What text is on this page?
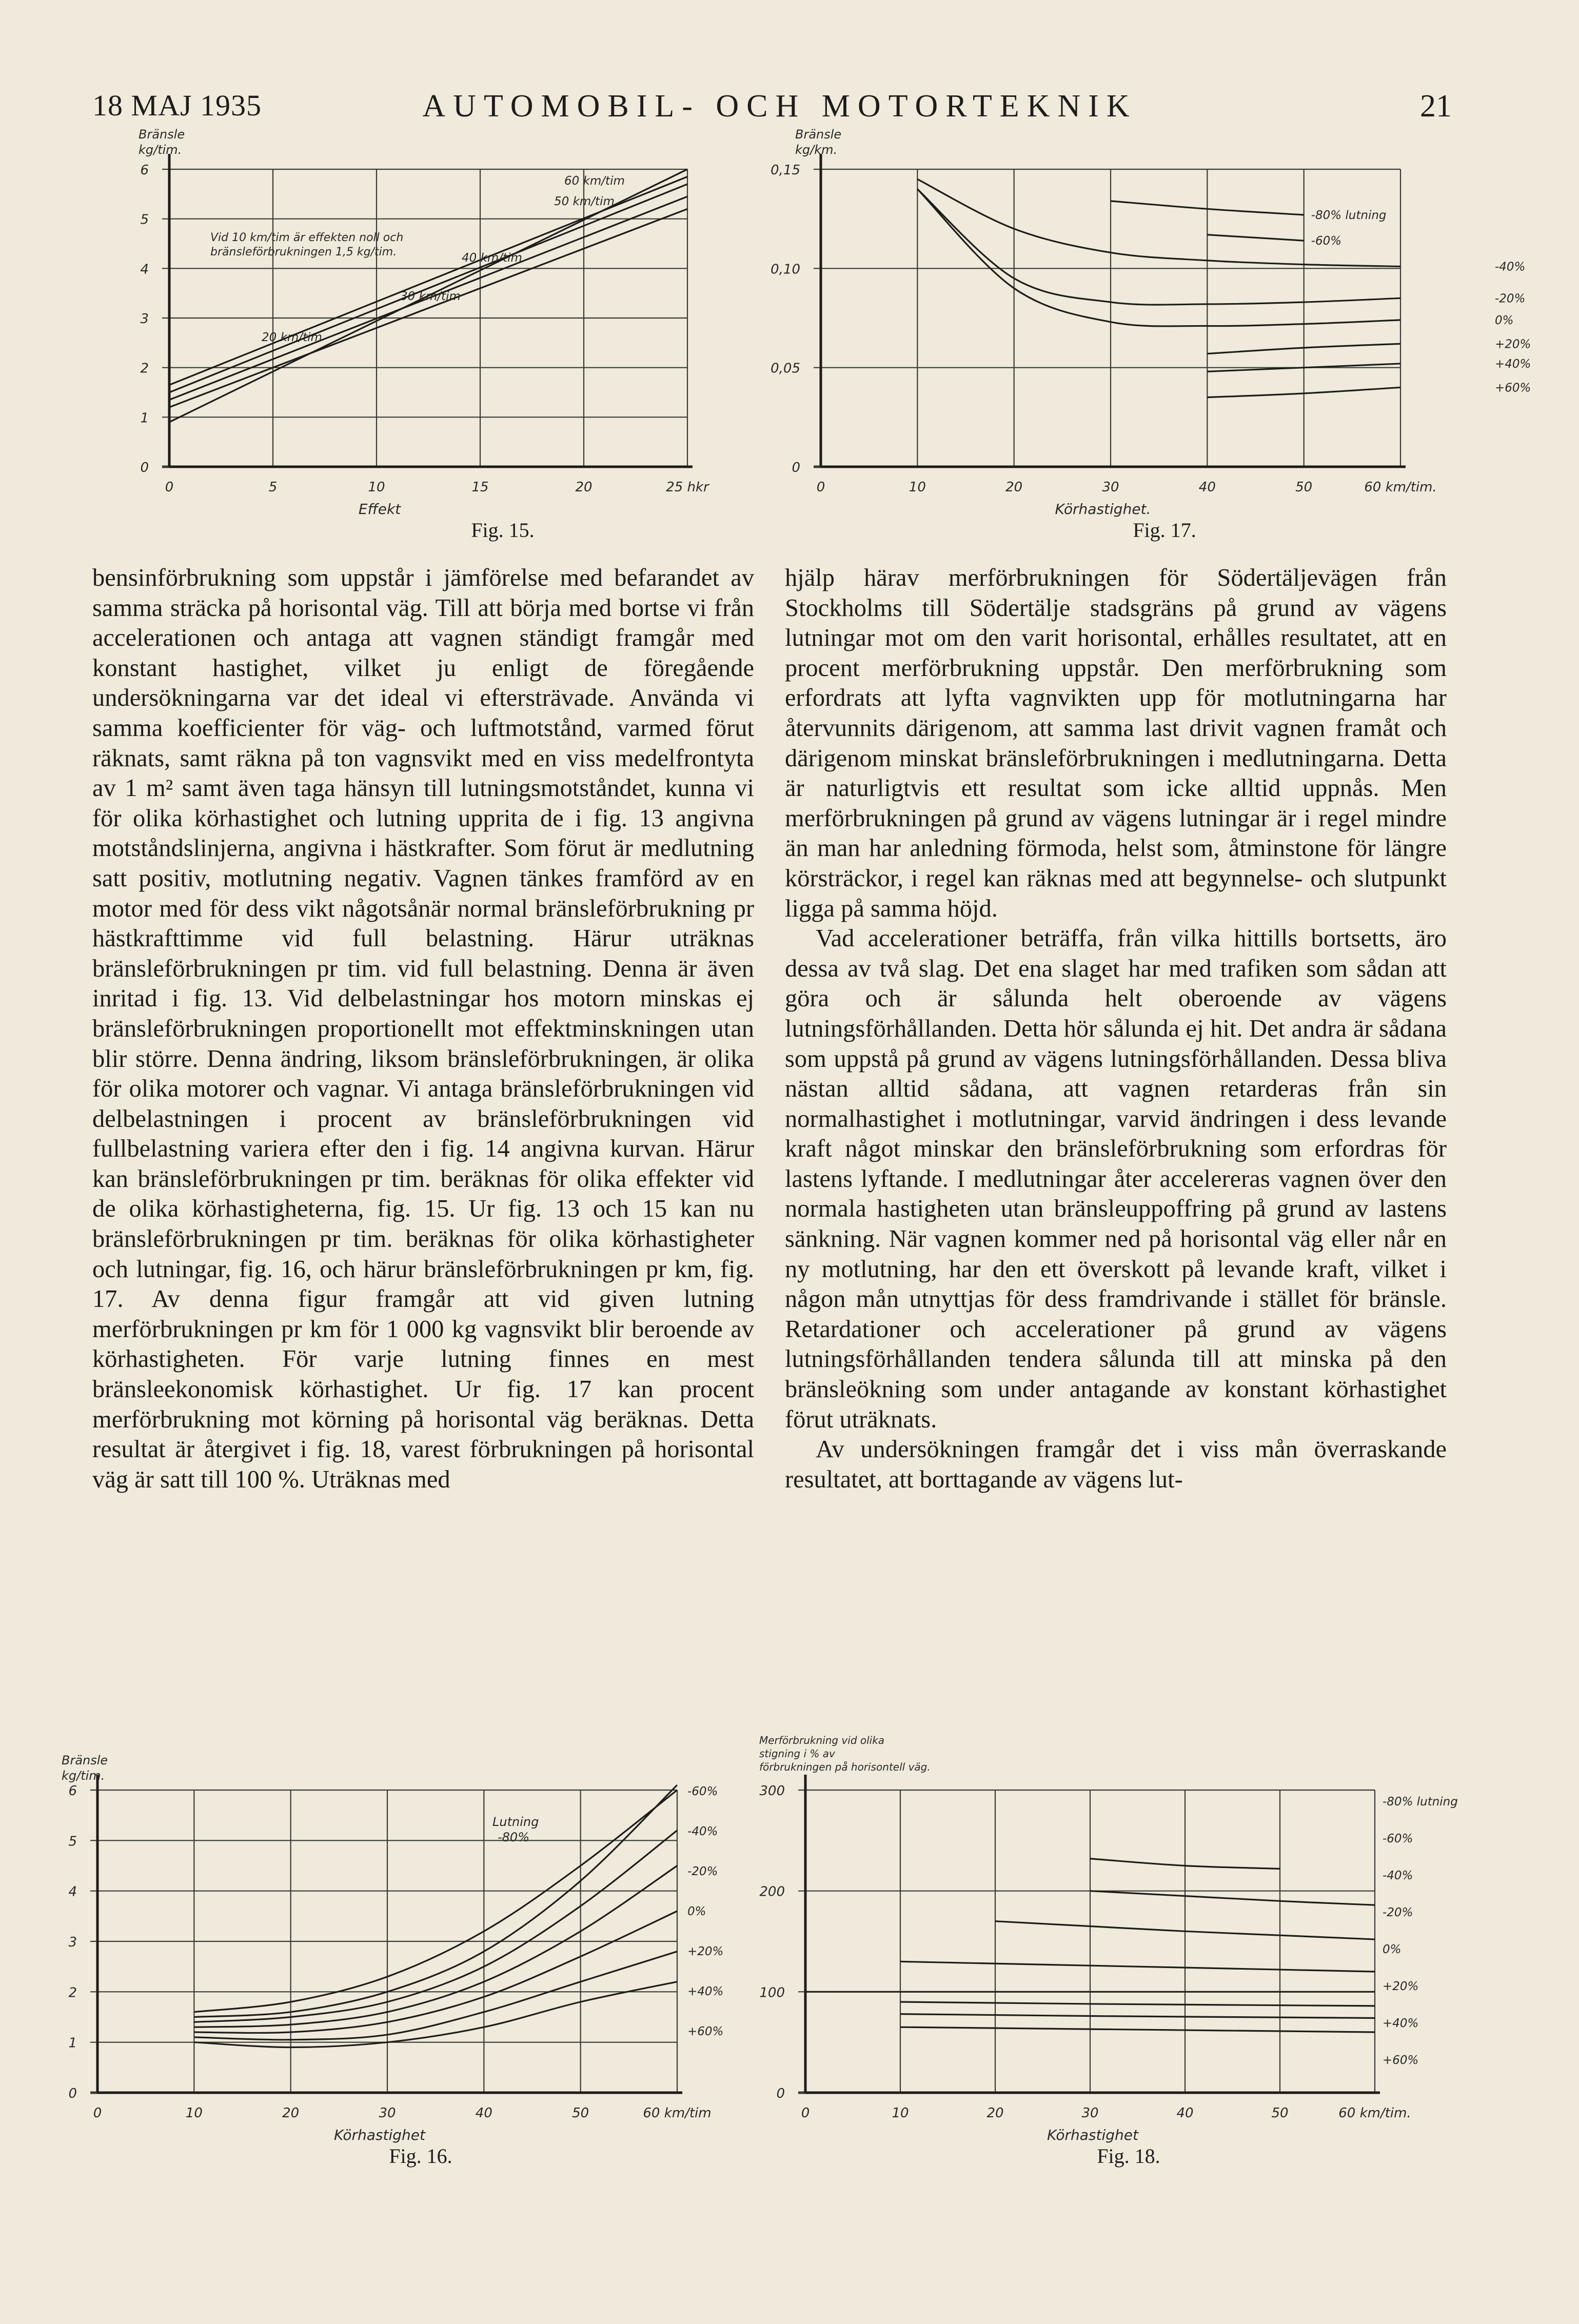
18 MAJ 1935	AUTOMOBIL- OCH MOTORTEKNIK	21
0	5	10	15	20	25 hkr
0
1
2
3
4
5
6
Bränsle
kg/tim.
Effekt
20 km/tim
30 km/tim
40 km/tim
50 km/tim
60 km/tim
Vid 10 km/tim är effekten noll och
bränsleförbrukningen 1,5 kg/tim.
Fig. 15.
0	10	20	30	40	50	60 km/tim.
0
0,05
0,10
0,15
Bränsle
kg/km.
Körhastighet.
-80% lutning
-60%
-40%
-20%
0%
+20%
+40%
+60%
Fig. 17.

bensinförbrukning som uppstår i jämförelse med befarandet av samma sträcka på horisontal väg. Till att börja med bortse vi från accelerationen och antaga att vagnen ständigt framgår med konstant hastighet, vilket ju enligt de föregående undersökningarna var det ideal vi eftersträvade. Använda vi samma koefficienter för väg- och luftmotstånd, varmed förut räknats, samt räkna på ton vagnsvikt med en viss medelfrontyta av 1 m² samt även taga hänsyn till lutningsmotståndet, kunna vi för olika körhastighet och lutning upprita de i fig. 13 angivna motståndslinjerna, angivna i hästkrafter. Som förut är medlutning satt positiv, motlutning negativ. Vagnen tänkes framförd av en motor med för dess vikt någotsånär normal bränsleförbrukning pr hästkrafttimme vid full belastning. Härur uträknas bränsleförbrukningen pr tim. vid full belastning. Denna är även inritad i fig. 13. Vid delbelastningar hos motorn minskas ej bränsleförbrukningen proportionellt mot effektminskningen utan blir större. Denna ändring, liksom bränsleförbrukningen, är olika för olika motorer och vagnar. Vi antaga bränsleförbrukningen vid delbelastningen i procent av bränsleförbrukningen vid fullbelastning variera efter den i fig. 14 angivna kurvan. Härur kan bränsleförbrukningen pr tim. beräknas för olika effekter vid de olika körhastigheterna, fig. 15. Ur fig. 13 och 15 kan nu bränsleförbrukningen pr tim. beräknas för olika körhastigheter och lutningar, fig. 16, och härur bränsleförbrukningen pr km, fig. 17. Av denna figur framgår att vid given lutning merförbrukningen pr km för 1 000 kg vagnsvikt blir beroende av körhastigheten. För varje lutning finnes en mest bränsleekonomisk körhastighet. Ur fig. 17 kan procent merförbrukning mot körning på horisontal väg beräknas. Detta resultat är återgivet i fig. 18, varest förbrukningen på horisontal väg är satt till 100 %. Uträknas med

hjälp härav merförbrukningen för Södertäljevägen från Stockholms till Södertälje stadsgräns på grund av vägens lutningar mot om den varit horisontal, erhålles resultatet, att en procent merförbrukning uppstår. Den merförbrukning som erfordrats att lyfta vagnvikten upp för motlutningarna har återvunnits därigenom, att samma last drivit vagnen framåt och därigenom minskat bränsleförbrukningen i medlutningarna. Detta är naturligtvis ett resultat som icke alltid uppnås. Men merförbrukningen på grund av vägens lutningar är i regel mindre än man har anledning förmoda, helst som, åtminstone för längre körsträckor, i regel kan räknas med att begynnelse- och slutpunkt ligga på samma höjd.

Vad accelerationer beträffa, från vilka hittills bortsetts, äro dessa av två slag. Det ena slaget har med trafiken som sådan att göra och är sålunda helt oberoende av vägens lutningsförhållanden. Detta hör sålunda ej hit. Det andra är sådana som uppstå på grund av vägens lutningsförhållanden. Dessa bliva nästan alltid sådana, att vagnen retarderas från sin normalhastighet i motlutningar, varvid ändringen i dess levande kraft något minskar den bränsleförbrukning som erfordras för lastens lyftande. I medlutningar åter accelereras vagnen över den normala hastigheten utan bränsleuppoffring på grund av lastens sänkning. När vagnen kommer ned på horisontal väg eller når en ny motlutning, har den ett överskott på levande kraft, vilket i någon mån utnyttjas för dess framdrivande i stället för bränsle. Retardationer och accelerationer på grund av vägens lutningsförhållanden tendera sålunda till att minska på den bränsleökning som under antagande av konstant körhastighet förut uträknats.

Av undersökningen framgår det i viss mån överraskande resultatet, att borttagande av vägens lut-

0	10	20	30	40	50	60 km/tim
0
1
2
3
4
5
6
Bränsle
kg/tim.
Körhastighet
-60%
-40%
-20%
0%
+20%
+40%
+60%
Lutning
-80%
Fig. 16.
0	10	20	30	40	50	60 km/tim.
0
100
200
300
Körhastighet
-80% lutning
-60%
-40%
-20%
0%
+20%
+40%
+60%
Merförbrukning vid olika
stigning i % av
förbrukningen på horisontell väg.
Fig. 18.
